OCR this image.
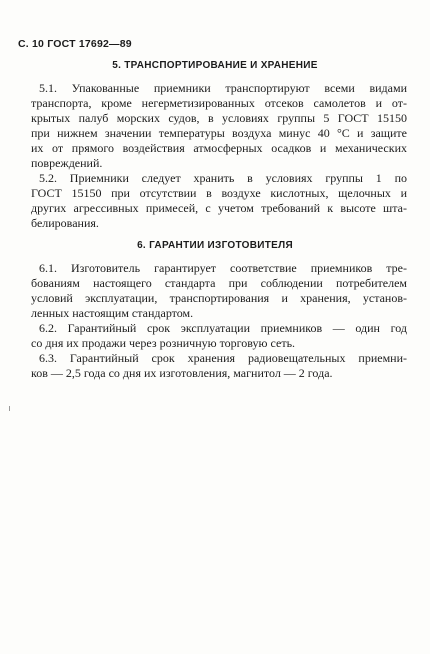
С. 10 ГОСТ 17692—89
5. ТРАНСПОРТИРОВАНИЕ И ХРАНЕНИЕ
5.1. Упакованные приемники транспортируют всеми видами
транспорта, кроме негерметизированных отсеков самолетов и от-
крытых палуб морских судов, в условиях группы 5 ГОСТ 15150
при нижнем значении температуры воздуха минус 40 °С и защите
их от прямого воздействия атмосферных осадков и механических
повреждений.
5.2. Приемники следует хранить в условиях группы 1 по
ГОСТ 15150 при отсутствии в воздухе кислотных, щелочных и
других агрессивных примесей, с учетом требований к высоте шта-
белирования.
6. ГАРАНТИИ ИЗГОТОВИТЕЛЯ
6.1. Изготовитель гарантирует соответствие приемников тре-
бованиям настоящего стандарта при соблюдении потребителем
условий эксплуатации, транспортирования и хранения, установ-
ленных настоящим стандартом.
6.2. Гарантийный срок эксплуатации приемников — один год
со дня их продажи через розничную торговую сеть.
6.3. Гарантийный срок хранения радиовещательных приемни-
ков — 2,5 года со дня их изготовления, магнитол — 2 года.
